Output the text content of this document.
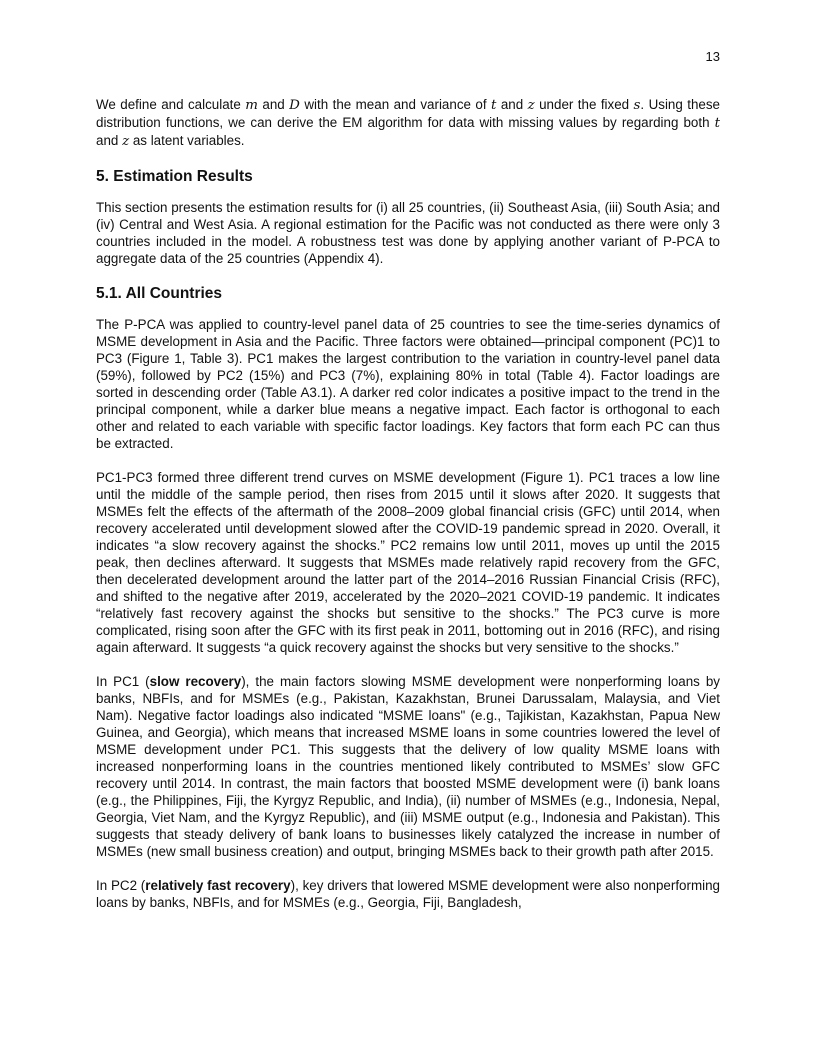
13

We define and calculate m and D with the mean and variance of t and z under the fixed s. Using these distribution functions, we can derive the EM algorithm for data with missing values by regarding both t and z as latent variables.

5. Estimation Results

This section presents the estimation results for (i) all 25 countries, (ii) Southeast Asia, (iii) South Asia; and (iv) Central and West Asia. A regional estimation for the Pacific was not conducted as there were only 3 countries included in the model. A robustness test was done by applying another variant of P-PCA to aggregate data of the 25 countries (Appendix 4).

5.1. All Countries

The P-PCA was applied to country-level panel data of 25 countries to see the time-series dynamics of MSME development in Asia and the Pacific. Three factors were obtained—principal component (PC)1 to PC3 (Figure 1, Table 3). PC1 makes the largest contribution to the variation in country-level panel data (59%), followed by PC2 (15%) and PC3 (7%), explaining 80% in total (Table 4). Factor loadings are sorted in descending order (Table A3.1). A darker red color indicates a positive impact to the trend in the principal component, while a darker blue means a negative impact. Each factor is orthogonal to each other and related to each variable with specific factor loadings. Key factors that form each PC can thus be extracted.

PC1-PC3 formed three different trend curves on MSME development (Figure 1). PC1 traces a low line until the middle of the sample period, then rises from 2015 until it slows after 2020. It suggests that MSMEs felt the effects of the aftermath of the 2008–2009 global financial crisis (GFC) until 2014, when recovery accelerated until development slowed after the COVID-19 pandemic spread in 2020. Overall, it indicates “a slow recovery against the shocks.” PC2 remains low until 2011, moves up until the 2015 peak, then declines afterward. It suggests that MSMEs made relatively rapid recovery from the GFC, then decelerated development around the latter part of the 2014–2016 Russian Financial Crisis (RFC), and shifted to the negative after 2019, accelerated by the 2020–2021 COVID-19 pandemic. It indicates “relatively fast recovery against the shocks but sensitive to the shocks.” The PC3 curve is more complicated, rising soon after the GFC with its first peak in 2011, bottoming out in 2016 (RFC), and rising again afterward. It suggests “a quick recovery against the shocks but very sensitive to the shocks.”

In PC1 (slow recovery), the main factors slowing MSME development were nonperforming loans by banks, NBFIs, and for MSMEs (e.g., Pakistan, Kazakhstan, Brunei Darussalam, Malaysia, and Viet Nam). Negative factor loadings also indicated “MSME loans" (e.g., Tajikistan, Kazakhstan, Papua New Guinea, and Georgia), which means that increased MSME loans in some countries lowered the level of MSME development under PC1. This suggests that the delivery of low quality MSME loans with increased nonperforming loans in the countries mentioned likely contributed to MSMEs’ slow GFC recovery until 2014. In contrast, the main factors that boosted MSME development were (i) bank loans (e.g., the Philippines, Fiji, the Kyrgyz Republic, and India), (ii) number of MSMEs (e.g., Indonesia, Nepal, Georgia, Viet Nam, and the Kyrgyz Republic), and (iii) MSME output (e.g., Indonesia and Pakistan). This suggests that steady delivery of bank loans to businesses likely catalyzed the increase in number of MSMEs (new small business creation) and output, bringing MSMEs back to their growth path after 2015.

In PC2 (relatively fast recovery), key drivers that lowered MSME development were also nonperforming loans by banks, NBFIs, and for MSMEs (e.g., Georgia, Fiji, Bangladesh,
